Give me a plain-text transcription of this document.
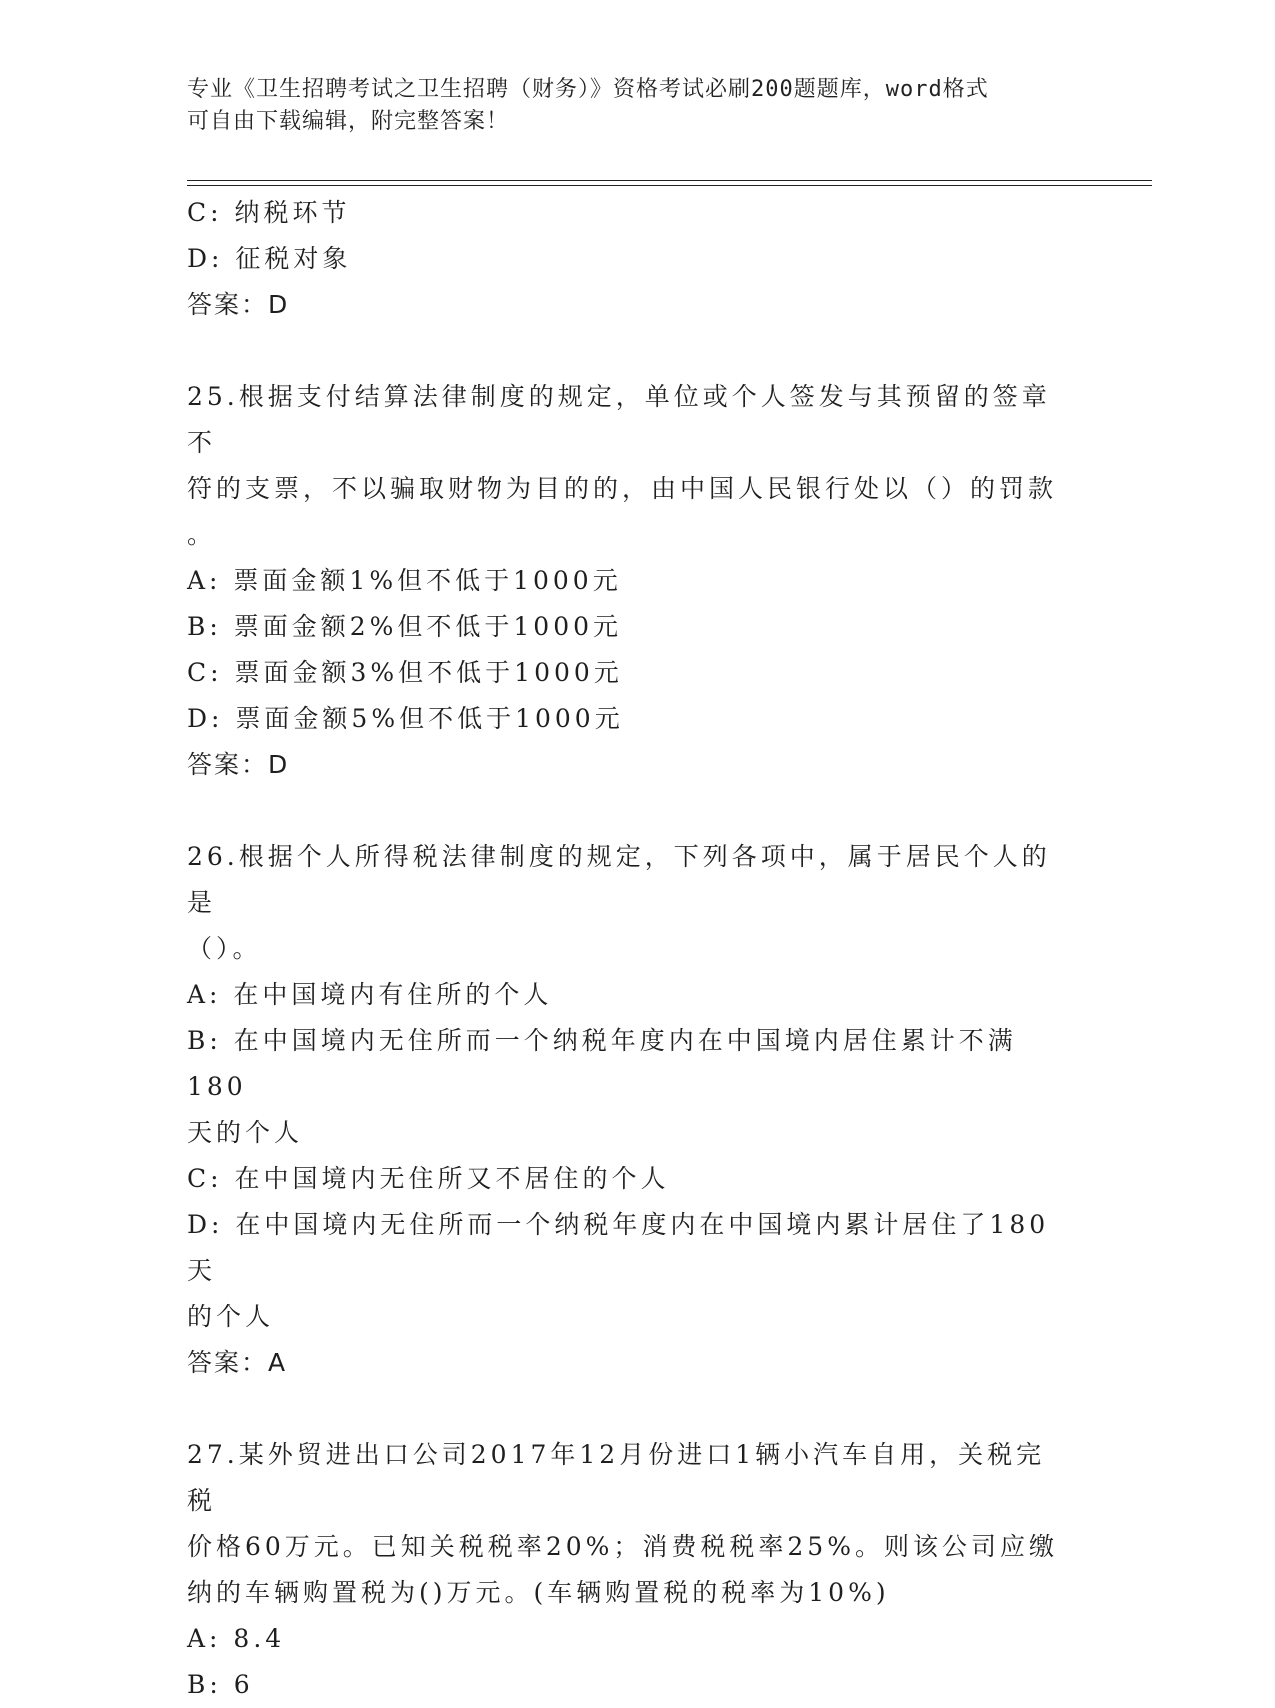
专业《卫生招聘考试之卫生招聘（财务）》资格考试必刷200题题库，word格式
可自由下载编辑，附完整答案！
C: 纳税环节
D: 征税对象
答案：D
25.根据支付结算法律制度的规定，单位或个人签发与其预留的签章不
符的支票，不以骗取财物为目的的，由中国人民银行处以（）的罚款
。
A: 票面金额1%但不低于1000元
B: 票面金额2%但不低于1000元
C: 票面金额3%但不低于1000元
D: 票面金额5%但不低于1000元
答案：D
26.根据个人所得税法律制度的规定，下列各项中，属于居民个人的是
（）。
A: 在中国境内有住所的个人
B: 在中国境内无住所而一个纳税年度内在中国境内居住累计不满180
天的个人
C: 在中国境内无住所又不居住的个人
D: 在中国境内无住所而一个纳税年度内在中国境内累计居住了180天
的个人
答案：A
27.某外贸进出口公司2017年12月份进口1辆小汽车自用，关税完税
价格60万元。已知关税税率20%；消费税税率25%。则该公司应缴
纳的车辆购置税为()万元。(车辆购置税的税率为10%)
A: 8.4
B: 6
